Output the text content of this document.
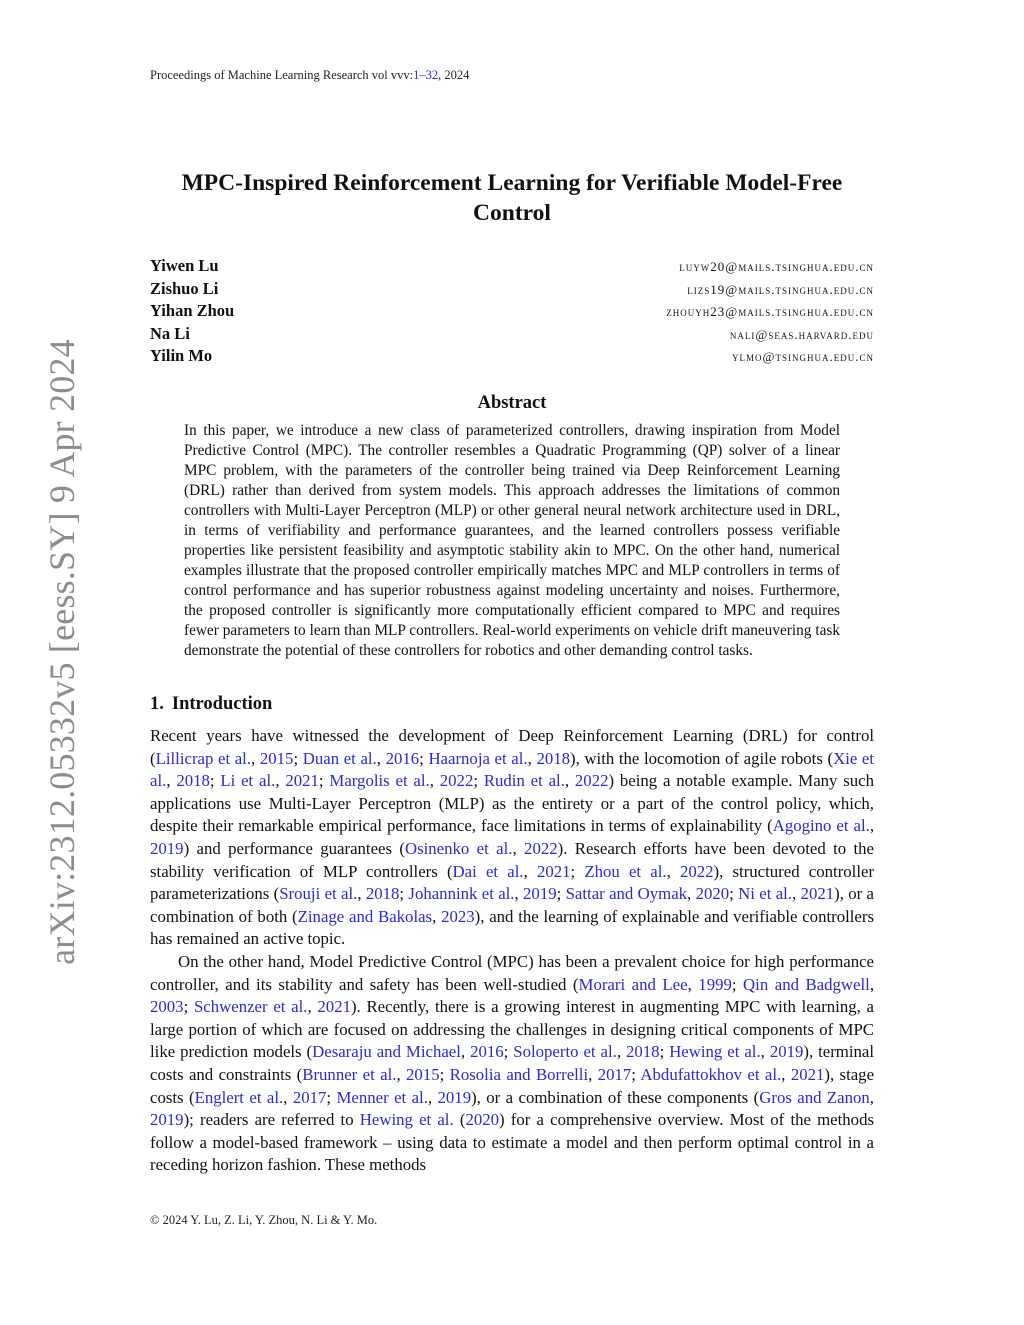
Proceedings of Machine Learning Research vol vvv:1–32, 2024
arXiv:2312.05332v5 [eess.SY] 9 Apr 2024
MPC-Inspired Reinforcement Learning for Verifiable Model-Free
Control
Yiwen Lu	luyw20@mails.tsinghua.edu.cn
Zishuo Li	lizs19@mails.tsinghua.edu.cn
Yihan Zhou	zhouyh23@mails.tsinghua.edu.cn
Na Li	nali@seas.harvard.edu
Yilin Mo	ylmo@tsinghua.edu.cn
Abstract
In this paper, we introduce a new class of parameterized controllers, drawing inspiration from Model Predictive Control (MPC). The controller resembles a Quadratic Programming (QP) solver of a linear MPC problem, with the parameters of the controller being trained via Deep Reinforcement Learning (DRL) rather than derived from system models. This approach addresses the limitations of common controllers with Multi-Layer Perceptron (MLP) or other general neural network architecture used in DRL, in terms of verifiability and performance guarantees, and the learned controllers possess verifiable properties like persistent feasibility and asymptotic stability akin to MPC. On the other hand, numerical examples illustrate that the proposed controller empirically matches MPC and MLP controllers in terms of control performance and has superior robustness against modeling uncertainty and noises. Furthermore, the proposed controller is significantly more computationally efficient compared to MPC and requires fewer parameters to learn than MLP controllers. Real-world experiments on vehicle drift maneuvering task demonstrate the potential of these controllers for robotics and other demanding control tasks.
1. Introduction

Recent years have witnessed the development of Deep Reinforcement Learning (DRL) for control (Lillicrap et al., 2015; Duan et al., 2016; Haarnoja et al., 2018), with the locomotion of agile robots (Xie et al., 2018; Li et al., 2021; Margolis et al., 2022; Rudin et al., 2022) being a notable example. Many such applications use Multi-Layer Perceptron (MLP) as the entirety or a part of the control policy, which, despite their remarkable empirical performance, face limitations in terms of explainability (Agogino et al., 2019) and performance guarantees (Osinenko et al., 2022). Research efforts have been devoted to the stability verification of MLP controllers (Dai et al., 2021; Zhou et al., 2022), structured controller parameterizations (Srouji et al., 2018; Johannink et al., 2019; Sattar and Oymak, 2020; Ni et al., 2021), or a combination of both (Zinage and Bakolas, 2023), and the learning of explainable and verifiable controllers has remained an active topic.

On the other hand, Model Predictive Control (MPC) has been a prevalent choice for high performance controller, and its stability and safety has been well-studied (Morari and Lee, 1999; Qin and Badgwell, 2003; Schwenzer et al., 2021). Recently, there is a growing interest in augmenting MPC with learning, a large portion of which are focused on addressing the challenges in designing critical components of MPC like prediction models (Desaraju and Michael, 2016; Soloperto et al., 2018; Hewing et al., 2019), terminal costs and constraints (Brunner et al., 2015; Rosolia and Borrelli, 2017; Abdufattokhov et al., 2021), stage costs (Englert et al., 2017; Menner et al., 2019), or a combination of these components (Gros and Zanon, 2019); readers are referred to Hewing et al. (2020) for a comprehensive overview. Most of the methods follow a model-based framework – using data to estimate a model and then perform optimal control in a receding horizon fashion. These methods

© 2024 Y. Lu, Z. Li, Y. Zhou, N. Li & Y. Mo.
